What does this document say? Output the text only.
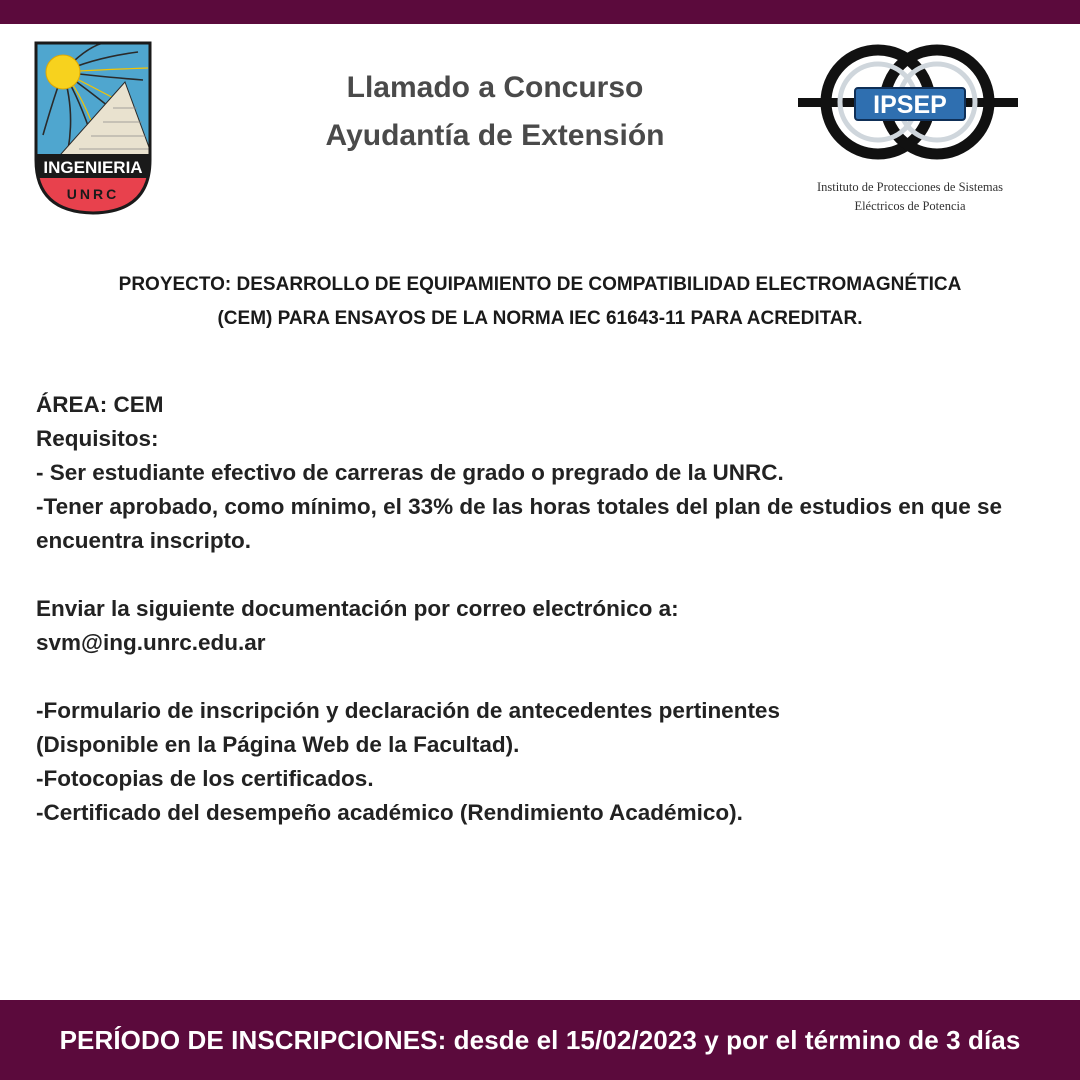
INGENIERIA
UNRC
Llamado a Concurso
Ayudantía de Extensión
IPSEP
Instituto de Protecciones de Sistemas
Eléctricos de Potencia
PROYECTO: DESARROLLO DE EQUIPAMIENTO DE COMPATIBILIDAD ELECTROMAGNÉTICA
(CEM) PARA ENSAYOS DE LA NORMA IEC 61643-11 PARA ACREDITAR.
ÁREA: CEM
Requisitos:
- Ser estudiante efectivo de carreras de grado o pregrado de la UNRC.
-Tener aprobado, como mínimo, el 33% de las horas totales del plan de estudios en que se encuentra inscripto.
Enviar la siguiente documentación por correo electrónico a:
svm@ing.unrc.edu.ar
-Formulario de inscripción y declaración de antecedentes pertinentes
(Disponible en la Página Web de la Facultad).
-Fotocopias de los certificados.
-Certificado del desempeño académico (Rendimiento Académico).
PERÍODO DE INSCRIPCIONES: desde el 15/02/2023 y por el término de 3 días
